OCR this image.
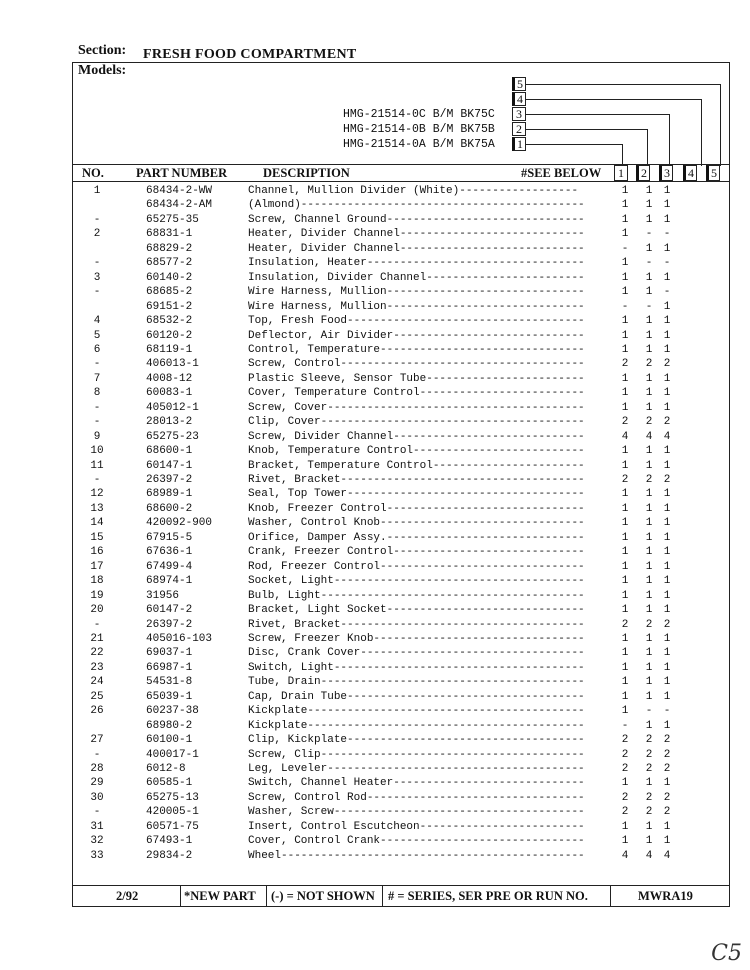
Section: FRESH FOOD COMPARTMENT
Models:
HMG-21514-0C B/M BK75C
HMG-21514-0B B/M BK75B
HMG-21514-0A B/M BK75A
5
4
3
2
1
NO.	PART NUMBER	DESCRIPTION	#SEE BELOW	1	2	3	4	5
1	68434-2-WW	Channel, Mullion Divider (White)------------------	1 1 1
68434-2-AM	(Almond)-------------------------------------------	1 1 1
-	65275-35	Screw, Channel Ground------------------------------	1 1 1
2	68831-1	Heater, Divider Channel----------------------------	1 - -
68829-2	Heater, Divider Channel----------------------------	- 1 1
-	68577-2	Insulation, Heater---------------------------------	1 - -
3	60140-2	Insulation, Divider Channel------------------------	1 1 1
-	68685-2	Wire Harness, Mullion------------------------------	1 1 -
69151-2	Wire Harness, Mullion------------------------------	- - 1
4	68532-2	Top, Fresh Food------------------------------------	1 1 1
5	60120-2	Deflector, Air Divider-----------------------------	1 1 1
6	68119-1	Control, Temperature-------------------------------	1 1 1
-	406013-1	Screw, Control-------------------------------------	2 2 2
7	4008-12	Plastic Sleeve, Sensor Tube------------------------	1 1 1
8	60083-1	Cover, Temperature Control-------------------------	1 1 1
-	405012-1	Screw, Cover---------------------------------------	1 1 1
-	28013-2	Clip, Cover----------------------------------------	2 2 2
9	65275-23	Screw, Divider Channel-----------------------------	4 4 4
10	68600-1	Knob, Temperature Control--------------------------	1 1 1
11	60147-1	Bracket, Temperature Control-----------------------	1 1 1
-	26397-2	Rivet, Bracket-------------------------------------	2 2 2
12	68989-1	Seal, Top Tower------------------------------------	1 1 1
13	68600-2	Knob, Freezer Control------------------------------	1 1 1
14	420092-900	Washer, Control Knob-------------------------------	1 1 1
15	67915-5	Orifice, Damper Assy.------------------------------	1 1 1
16	67636-1	Crank, Freezer Control-----------------------------	1 1 1
17	67499-4	Rod, Freezer Control-------------------------------	1 1 1
18	68974-1	Socket, Light--------------------------------------	1 1 1
19	31956	Bulb, Light----------------------------------------	1 1 1
20	60147-2	Bracket, Light Socket------------------------------	1 1 1
-	26397-2	Rivet, Bracket-------------------------------------	2 2 2
21	405016-103	Screw, Freezer Knob--------------------------------	1 1 1
22	69037-1	Disc, Crank Cover----------------------------------	1 1 1
23	66987-1	Switch, Light--------------------------------------	1 1 1
24	54531-8	Tube, Drain----------------------------------------	1 1 1
25	65039-1	Cap, Drain Tube------------------------------------	1 1 1
26	60237-38	Kickplate------------------------------------------	1 - -
68980-2	Kickplate------------------------------------------	- 1 1
27	60100-1	Clip, Kickplate------------------------------------	2 2 2
-	400017-1	Screw, Clip----------------------------------------	2 2 2
28	6012-8	Leg, Leveler---------------------------------------	2 2 2
29	60585-1	Switch, Channel Heater-----------------------------	1 1 1
30	65275-13	Screw, Control Rod---------------------------------	2 2 2
-	420005-1	Washer, Screw--------------------------------------	2 2 2
31	60571-75	Insert, Control Escutcheon-------------------------	1 1 1
32	67493-1	Cover, Control Crank-------------------------------	1 1 1
33	29834-2	Wheel----------------------------------------------	4 4 4
2/92	*NEW PART (-) = NOT SHOWN # = SERIES, SER PRE OR RUN NO.	MWRA19
C5
